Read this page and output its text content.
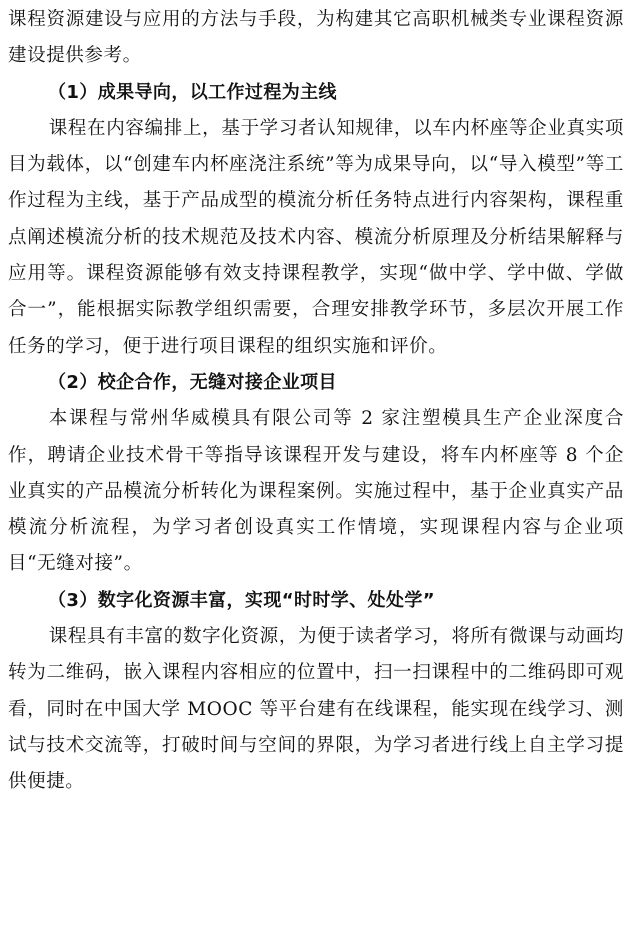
课程资源建设与应用的方法与手段，为构建其它高职机械类专业课程资源建设提供参考。

（1）成果导向，以工作过程为主线

课程在内容编排上，基于学习者认知规律，以车内杯座等企业真实项目为载体，以“创建车内杯座浇注系统”等为成果导向，以“导入模型”等工作过程为主线，基于产品成型的模流分析任务特点进行内容架构，课程重点阐述模流分析的技术规范及技术内容、模流分析原理及分析结果解释与应用等。课程资源能够有效支持课程教学，实现“做中学、学中做、学做合一”，能根据实际教学组织需要，合理安排教学环节，多层次开展工作任务的学习，便于进行项目课程的组织实施和评价。

（2）校企合作，无缝对接企业项目

本课程与常州华威模具有限公司等 2 家注塑模具生产企业深度合作，聘请企业技术骨干等指导该课程开发与建设，将车内杯座等 8 个企业真实的产品模流分析转化为课程案例。实施过程中，基于企业真实产品模流分析流程，为学习者创设真实工作情境，实现课程内容与企业项目“无缝对接”。

（3）数字化资源丰富，实现“时时学、处处学”

课程具有丰富的数字化资源，为便于读者学习，将所有微课与动画均转为二维码，嵌入课程内容相应的位置中，扫一扫课程中的二维码即可观看，同时在中国大学 MOOC 等平台建有在线课程，能实现在线学习、测试与技术交流等，打破时间与空间的界限，为学习者进行线上自主学习提供便捷。
